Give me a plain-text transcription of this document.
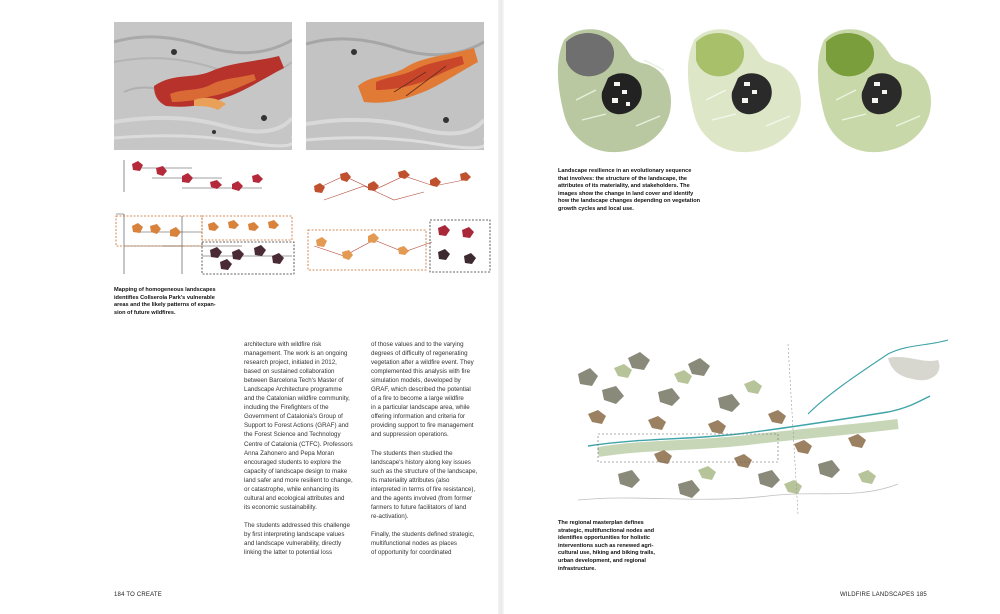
Mapping of homogeneous landscapes
identifies Collserola Park's vulnerable
areas and the likely patterns of expan-
sion of future wildfires.
architecture with wildfire risk
management. The work is an ongoing
research project, initiated in 2012,
based on sustained collaboration
between Barcelona Tech's Master of
Landscape Architecture programme
and the Catalonian wildfire community,
including the Firefighters of the
Government of Catalonia's Group of
Support to Forest Actions (GRAF) and
the Forest Science and Technology
Centre of Catalonia (CTFC). Professors
Anna Zahonero and Pepa Moran
encouraged students to explore the
capacity of landscape design to make
land safer and more resilient to change,
or catastrophe, while enhancing its
cultural and ecological attributes and
its economic sustainability.
The students addressed this challenge
by first interpreting landscape values
and landscape vulnerability, directly
linking the latter to potential loss
of those values and to the varying
degrees of difficulty of regenerating
vegetation after a wildfire event. They
complemented this analysis with fire
simulation models, developed by
GRAF, which described the potential
of a fire to become a large wildfire
in a particular landscape area, while
offering information and criteria for
providing support to fire management
and suppression operations.
The students then studied the
landscape's history along key issues
such as the structure of the landscape,
its materiality attributes (also
interpreted in terms of fire resistance),
and the agents involved (from former
farmers to future facilitators of land
re-activation).
Finally, the students defined strategic,
multifunctional nodes as places
of opportunity for coordinated
184 TO CREATE
Landscape resilience in an evolutionary sequence
that involves: the structure of the landscape, the
attributes of its materiality, and stakeholders. The
images show the change in land cover and identify
how the landscape changes depending on vegetation
growth cycles and local use.
The regional masterplan defines
strategic, multifunctional nodes and
identifies opportunities for holistic
interventions such as renewed agri-
cultural use, hiking and biking trails,
urban development, and regional
infrastructure.
WILDFIRE LANDSCAPES 185
